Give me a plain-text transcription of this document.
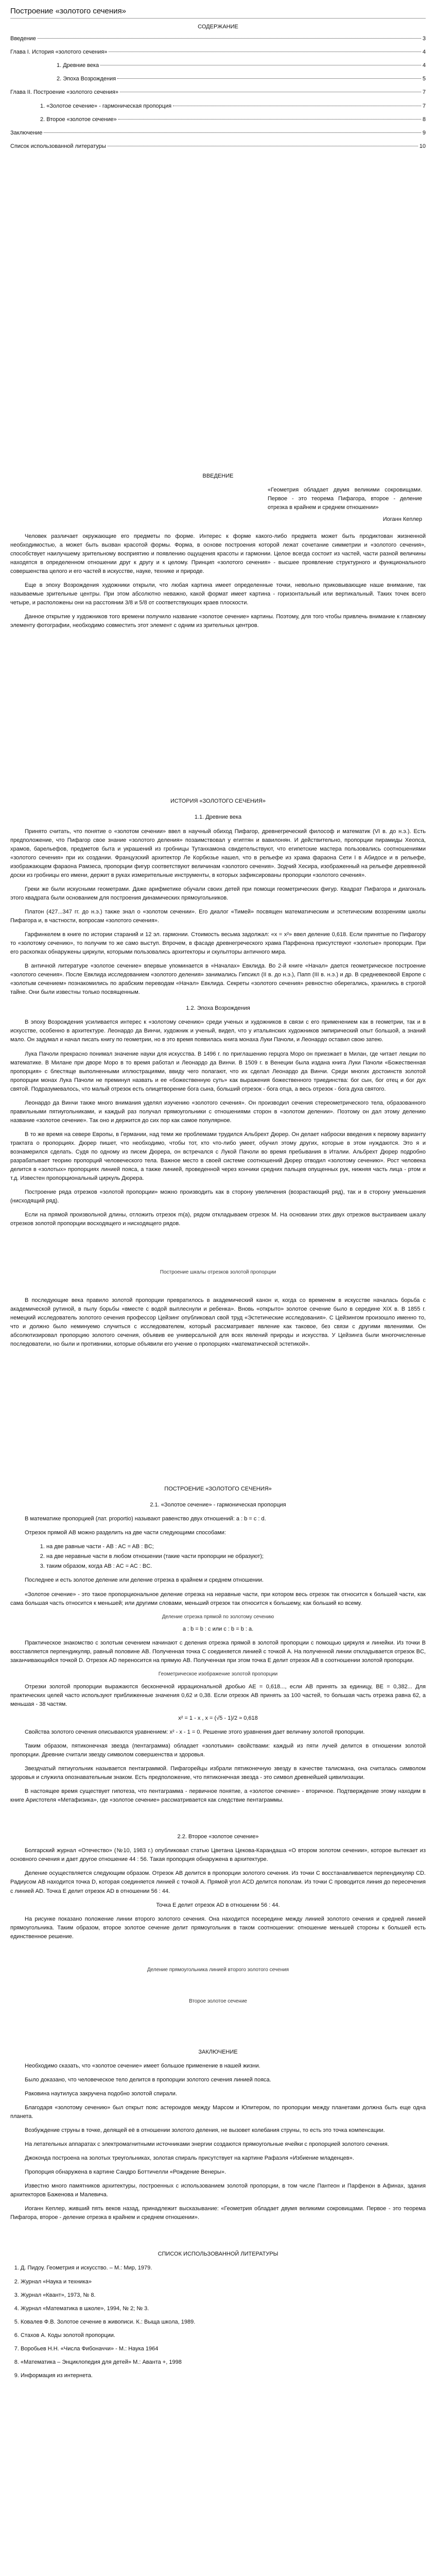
Построение «золотого сечения»
СОДЕРЖАНИЕ
Введение	3
Глава I. История «золотого сечения»	4
1. Древние века	4
2. Эпоха Возрождения	5
Глава II. Построение «золотого сечения»	7
1. «Золотое сечение» - гармоническая пропорция	7
2. Второе «золотое сечение»	8
Заключение	9
Список использованной литературы	10
ВВЕДЕНИЕ

«Геометрия обладает двумя великими сокровищами. Первое - это теорема Пифагора, второе - деление отрезка в крайнем и среднем отношении»

Иоганн Кеплер

Человек различает окружающие его предметы по форме. Интерес к форме какого-либо предмета может быть продиктован жизненной необходимостью, а может быть вызван красотой формы. Форма, в основе построения которой лежат сочетание симметрии и «золотого сечения», способствует наилучшему зрительному восприятию и появлению ощущения красоты и гармонии. Целое всегда состоит из частей, части разной величины находятся в определенном отношении друг к другу и к целому. Принцип «золотого сечения» - высшее проявление структурного и функционального совершенства целого и его частей в искусстве, науке, технике и природе.

Еще в эпоху Возрождения художники открыли, что любая картина имеет определенные точки, невольно приковывающие наше внимание, так называемые зрительные центры. При этом абсолютно неважно, какой формат имеет картина - горизонтальный или вертикальный. Таких точек всего четыре, и расположены они на расстоянии 3/8 и 5/8 от соответствующих краев плоскости.

Данное открытие у художников того времени получило название «золотое сечение» картины. Поэтому, для того чтобы привлечь внимание к главному элементу фотографии, необходимо совместить этот элемент с одним из зрительных центров.

ИСТОРИЯ «ЗОЛОТОГО СЕЧЕНИЯ»
1.1. Древние века

Принято считать, что понятие о «золотом сечении» ввел в научный обиход Пифагор, древнегреческий философ и математик (VI в. до н.э.). Есть предположение, что Пифагор свое знание «золотого деления» позаимствовал у египтян и вавилонян. И действительно, пропорции пирамиды Хеопса, храмов, барельефов, предметов быта и украшений из гробницы Тутанхамона свидетельствуют, что египетские мастера пользовались соотношениями «золотого сечения» при их создании. Французский архитектор Ле Корбюзье нашел, что в рельефе из храма фараона Сети I в Абидосе и в рельефе, изображающем фараона Рамзеса, пропорции фигур соответствуют величинам «золотого сечения». Зодчий Хесира, изображенный на рельефе деревянной доски из гробницы его имени, держит в руках измерительные инструменты, в которых зафиксированы пропорции «золотого сечения».

Греки же были искусными геометрами. Даже арифметике обучали своих детей при помощи геометрических фигур. Квадрат Пифагора и диагональ этого квадрата были основанием для построения динамических прямоугольников.

Платон (427...347 гг. до н.э.) также знал о «золотом сечении». Его диалог «Тимей» посвящен математическим и эстетическим воззрениям школы Пифагора и, в частности, вопросам «золотого сечения».

Гарфинкелем в книге по истории стараний и 12 эл. гармонии. Стоимость весьма задолжал: «x = x²» ввел деление 0,618. Если принятые по Пифагору то «золотому сечению», то получим то же само выступ. Впрочем, в фасаде древнегреческого храма Парфенона присутствуют «золотые» пропорции. При его раскопках обнаружены циркули, которыми пользовались архитекторы и скульпторы античного мира.

В античной литературе «золотое сечение» впервые упоминается в «Началах» Евклида. Во 2-й книге «Начал» дается геометрическое построение «золотого сечения». После Евклида исследованием «золотого деления» занимались Гипсикл (II в. до н.э.), Папп (III в. н.э.) и др. В средневековой Европе с «золотым сечением» познакомились по арабским переводам «Начал» Евклида. Секреты «золотого сечения» ревностно оберегались, хранились в строгой тайне. Они были известны только посвященным.

1.2. Эпоха Возрождения

В эпоху Возрождения усиливается интерес к «золотому сечению» среди ученых и художников в связи с его применением как в геометрии, так и в искусстве, особенно в архитектуре. Леонардо да Винчи, художник и ученый, видел, что у итальянских художников эмпирический опыт большой, а знаний мало. Он задумал и начал писать книгу по геометрии, но в это время появилась книга монаха Луки Пачоли, и Леонардо оставил свою затею.

Лука Пачоли прекрасно понимал значение науки для искусства. В 1496 г. по приглашению герцога Моро он приезжает в Милан, где читает лекции по математике. В Милане при дворе Моро в то время работал и Леонардо да Винчи. В 1509 г. в Венеции была издана книга Луки Пачоли «Божественная пропорция» с блестяще выполненными иллюстрациями, ввиду чего полагают, что их сделал Леонардо да Винчи. Среди многих достоинств золотой пропорции монах Лука Пачоли не преминул назвать и ее «божественную суть» как выражения божественного триединства: бог сын, бог отец и бог дух святой. Подразумевалось, что малый отрезок есть олицетворение бога сына, больший отрезок - бога отца, а весь отрезок - бога духа святого.

Леонардо да Винчи также много внимания уделял изучению «золотого сечения». Он производил сечения стереометрического тела, образованного правильными пятиугольниками, и каждый раз получал прямоугольники с отношениями сторон в «золотом делении». Поэтому он дал этому делению название «золотое сечение». Так оно и держится до сих пор как самое популярное.

В то же время на севере Европы, в Германии, над теми же проблемами трудился Альбрехт Дюрер. Он делает наброски введения к первому варианту трактата о пропорциях. Дюрер пишет, что необходимо, чтобы тот, кто что-либо умеет, обучил этому других, которые в этом нуждаются. Это я и вознамерился сделать. Судя по одному из писем Дюрера, он встречался с Лукой Пачоли во время пребывания в Италии. Альбрехт Дюрер подробно разрабатывает теорию пропорций человеческого тела. Важное место в своей системе соотношений Дюрер отводил «золотому сечению». Рост человека делится в «золотых» пропорциях линией пояса, а также линией, проведенной через кончики средних пальцев опущенных рук, нижняя часть лица - ртом и т.д. Известен пропорциональный циркуль Дюрера.

Построение ряда отрезков «золотой пропорции» можно производить как в сторону увеличения (возрастающий ряд), так и в сторону уменьшения (нисходящий ряд).

Если на прямой произвольной длины, отложить отрезок m(a), рядом откладываем отрезок M. На основании этих двух отрезков выстраиваем шкалу отрезков золотой пропорции восходящего и нисходящего рядов.

Построение шкалы отрезков золотой пропорции

В последующие века правило золотой пропорции превратилось в академический канон и, когда со временем в искусстве началась борьба с академической рутиной, в пылу борьбы «вместе с водой выплеснули и ребенка». Вновь «открыто» золотое сечение было в середине XIX в. В 1855 г. немецкий исследователь золотого сечения профессор Цейзинг опубликовал свой труд «Эстетические исследования». С Цейзингом произошло именно то, что и должно было неминуемо случиться с исследователем, который рассматривает явление как таковое, без связи с другими явлениями. Он абсолютизировал пропорцию золотого сечения, объявив ее универсальной для всех явлений природы и искусства. У Цейзинга были многочисленные последователи, но были и противники, которые объявили его учение о пропорциях «математической эстетикой».

ПОСТРОЕНИЕ «ЗОЛОТОГО СЕЧЕНИЯ»
2.1. «Золотое сечение» - гармоническая пропорция

В математике пропорцией (лат. proportio) называют равенство двух отношений: a : b = c : d.

Отрезок прямой AB можно разделить на две части следующими способами:

1. на две равные части - AB : AC = AB : BC;
2. на две неравные части в любом отношении (такие части пропорции не образуют);
3. таким образом, когда AB : AC = AC : BC.

Последнее и есть золотое деление или деление отрезка в крайнем и среднем отношении.

«Золотое сечение» - это такое пропорциональное деление отрезка на неравные части, при котором весь отрезок так относится к большей части, как сама большая часть относится к меньшей; или другими словами, меньший отрезок так относится к большему, как больший ко всему.

Деление отрезка прямой по золотому сечению
a : b = b : c или c : b = b : a.

Практическое знакомство с золотым сечением начинают с деления отрезка прямой в золотой пропорции с помощью циркуля и линейки. Из точки B восставляется перпендикуляр, равный половине AB. Полученная точка C соединяется линией с точкой A. На полученной линии откладывается отрезок BC, заканчивающийся точкой D. Отрезок AD переносится на прямую AB. Полученная при этом точка E делит отрезок AB в соотношении золотой пропорции.

Геометрическое изображение золотой пропорции

Отрезки золотой пропорции выражаются бесконечной иррациональной дробью AE = 0,618..., если AB принять за единицу, BE = 0,382... Для практических целей часто используют приближенные значения 0,62 и 0,38. Если отрезок AB принять за 100 частей, то большая часть отрезка равна 62, а меньшая - 38 частям.

x² = 1 - x , x = (√5 - 1)/2 ≈ 0,618

Свойства золотого сечения описываются уравнением: x² - x - 1 = 0. Решение этого уравнения дает величину золотой пропорции.

Таким образом, пятиконечная звезда (пентаграмма) обладает «золотыми» свойствами: каждый из пяти лучей делится в отношении золотой пропорции. Древние считали звезду символом совершенства и здоровья.

Звездчатый пятиугольник называется пентаграммой. Пифагорейцы избрали пятиконечную звезду в качестве талисмана, она считалась символом здоровья и служила опознавательным знаком. Есть предположение, что пятиконечная звезда - это символ древнейшей цивилизации.

В настоящее время существует гипотеза, что пентаграмма - первичное понятие, а «золотое сечение» - вторичное. Подтверждение этому находим в книге Аристотеля «Метафизика», где «золотое сечение» рассматривается как следствие пентаграммы.

2.2. Второе «золотое сечение»

Болгарский журнал «Отечество» (№10, 1983 г.) опубликовал статью Цветана Цекова-Карандаша «О втором золотом сечении», которое вытекает из основного сечения и дает другое отношение 44 : 56. Такая пропорция обнаружена в архитектуре.

Деление осуществляется следующим образом. Отрезок AB делится в пропорции золотого сечения. Из точки C восстанавливается перпендикуляр CD. Радиусом AB находится точка D, которая соединяется линией с точкой A. Прямой угол ACD делится пополам. Из точки C проводится линия до пересечения с линией AD. Точка E делит отрезок AD в отношении 56 : 44.

Точка E делит отрезок AD в отношении 56 : 44.

На рисунке показано положение линии второго золотого сечения. Она находится посередине между линией золотого сечения и средней линией прямоугольника. Таким образом, второе золотое сечение делит прямоугольник в таком соотношении: отношение меньшей стороны к большей есть единственное решение.

Деление прямоугольника линией второго золотого сечения
Второе золотое сечение
ЗАКЛЮЧЕНИЕ

Необходимо сказать, что «золотое сечение» имеет большое применение в нашей жизни.

Было доказано, что человеческое тело делится в пропорции золотого сечения линией пояса.

Раковина наутилуса закручена подобно золотой спирали.

Благодаря «золотому сечению» был открыт пояс астероидов между Марсом и Юпитером, по пропорции между планетами должна быть еще одна планета.

Возбуждение струны в точке, делящей её в отношении золотого деления, не вызовет колебания струны, то есть это точка компенсации.

На летательных аппаратах с электромагнитными источниками энергии создаются прямоугольные ячейки с пропорцией золотого сечения.

Джоконда построена на золотых треугольниках, золотая спираль присутствует на картине Рафаэля «Избиение младенцев».

Пропорция обнаружена в картине Сандро Боттичелли «Рождение Венеры».

Известно много памятников архитектуры, построенных с использованием золотой пропорции, в том числе Пантеон и Парфенон в Афинах, здания архитекторов Баженова и Малевича.

Иоганн Кеплер, живший пять веков назад, принадлежит высказывание: «Геометрия обладает двумя великими сокровищами. Первое - это теорема Пифагора, второе - деление отрезка в крайнем и среднем отношении».

СПИСОК ИСПОЛЬЗОВАННОЙ ЛИТЕРАТУРЫ
1. Д. Пидоу. Геометрия и искусство. – М.: Мир, 1979.
2. Журнал «Наука и техника»
3. Журнал «Квант», 1973, № 8.
4. Журнал «Математика в школе», 1994, № 2; № 3.
5. Ковалев Ф.В. Золотое сечение в живописи. К.: Выща школа, 1989.
6. Стахов А. Коды золотой пропорции.
7. Воробьев Н.Н. «Числа Фибоначчи» - М.: Наука 1964
8. «Математика – Энциклопедия для детей» М.: Аванта +, 1998
9. Информация из интернета.
